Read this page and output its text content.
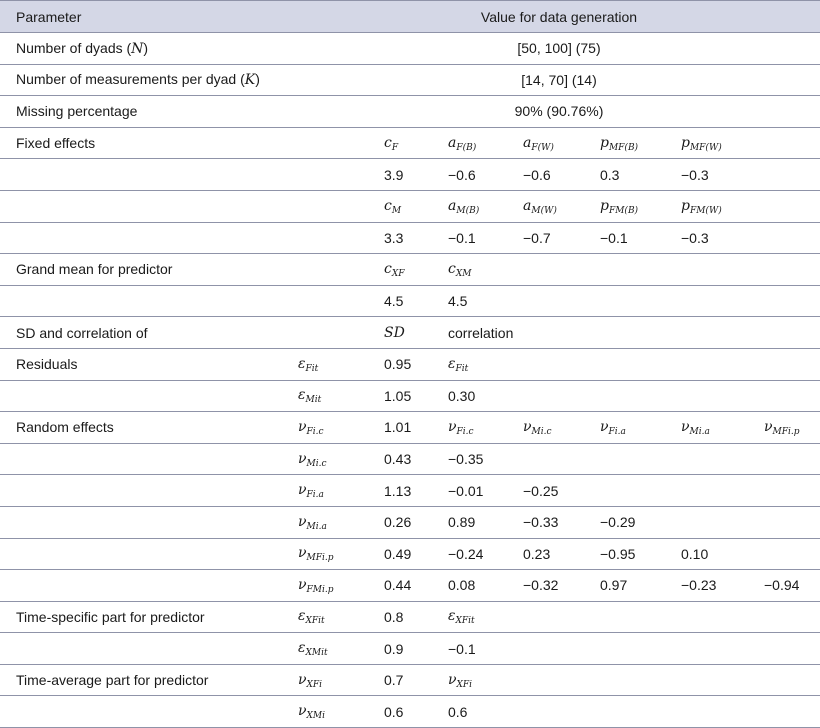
Parameter	Value for data generation						
Number of dyads (N)	[50, 100] (75)						
Number of measurements per dyad (K)	[14, 70] (14)						
Missing percentage	90% (90.76%)						
Fixed effects		$c_F$	$a_{F(B)}$	$a_{F(W)}$	$p_{MF(B)}$	$p_{MF(W)}$	
		3.9	−0.6	−0.6	0.3	−0.3	
		$c_M$	$a_{M(B)}$	$a_{M(W)}$	$p_{FM(B)}$	$p_{FM(W)}$	
		3.3	−0.1	−0.7	−0.1	−0.3	
Grand mean for predictor		$c_{XF}$	$c_{XM}$				
		4.5	4.5				
SD and correlation of		SD	correlation				
Residuals	$\varepsilon_{Fit}$	0.95	$\varepsilon_{Fit}$				
	$\varepsilon_{Mit}$	1.05	0.30				
Random effects	$\nu_{Fi.c}$	1.01	$\nu_{Fi.c}$	$\nu_{Mi.c}$	$\nu_{Fi.a}$	$\nu_{Mi.a}$	$\nu_{MFi.p}$
	$\nu_{Mi.c}$	0.43	−0.35				
	$\nu_{Fi.a}$	1.13	−0.01	−0.25			
	$\nu_{Mi.a}$	0.26	0.89	−0.33	−0.29		
	$\nu_{MFi.p}$	0.49	−0.24	0.23	−0.95	0.10	
	$\nu_{FMi.p}$	0.44	0.08	−0.32	0.97	−0.23	−0.94
Time-specific part for predictor	$\varepsilon_{XFit}$	0.8	$\varepsilon_{XFit}$				
	$\varepsilon_{XMit}$	0.9	−0.1				
Time-average part for predictor	$\nu_{XFi}$	0.7	$\nu_{XFi}$				
	$\nu_{XMi}$	0.6	0.6				
